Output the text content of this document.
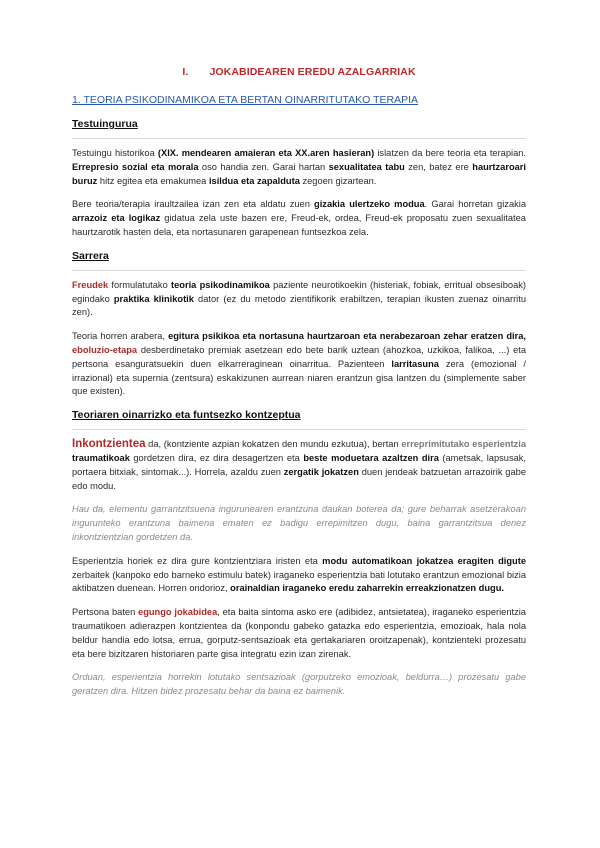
I. JOKABIDEAREN EREDU AZALGARRIAK
1. TEORIA PSIKODINAMIKOA ETA BERTAN OINARRITUTAKO TERAPIA
Testuingurua

Testuingu historikoa (XIX. mendearen amaieran eta XX.aren hasieran) islatzen da bere teoria eta terapian. Errepresio sozial eta morala oso handia zen. Garai hartan sexualitatea tabu zen, batez ere haurtzaroari buruz hitz egitea eta emakumea isildua eta zapalduta zegoen gizartean.

Bere teoria/terapia iraultzailea izan zen eta aldatu zuen gizakia ulertzeko modua. Garai horretan gizakia arrazoiz eta logikaz gidatua zela uste bazen ere, Freud-ek, ordea, Freud-ek proposatu zuen sexualitatea haurtzarotik hasten dela, eta nortasunaren garapenean funtsezkoa zela.

Sarrera

Freudek formulatutako teoria psikodinamikoa paziente neurotikoekin (histeriak, fobiak, erritual obsesiboak) egindako praktika klinikotik dator (ez du metodo zientifikorik erabiltzen, terapian ikusten zuenaz oinarritu zen).

Teoria horren arabera, egitura psikikoa eta nortasuna haurtzaroan eta nerabezaroan zehar eratzen dira, eboluzio-etapa desberdinetako premiak asetzean edo bete barik uztean (ahozkoa, uzkikoa, falikoa, ...) eta pertsona esanguratsuekin duen elkarreraginean oinarritua. Pazienteen larritasuna zera (emozional / irrazional) eta supernia (zentsura) eskakizunen aurrean niaren erantzun gisa lantzen du (simplemente saber que existen).

Teoriaren oinarrizko eta funtsezko kontzeptua

Inkontzientea da, (kontziente azpian kokatzen den mundu ezkutua), bertan erreprimitutako esperientzia traumatikoak gordetzen dira, ez dira desagertzen eta beste moduetara azaltzen dira (ametsak, lapsusak, portaera bitxiak, sintomak...). Horrela, azaldu zuen zergatik jokatzen duen jendeak batzuetan arrazoirik gabe edo modu.

Hau da, elementu garrantzitsuena ingurunearen erantzuna daukan boterea da; gure beharrak asetzerakoan ingurunteko erantzuna baimena ematen ez badigu errepimitzen dugu, baina garrantzitsua denez inkontzientzian gordetzen da.

Esperientzia horiek ez dira gure kontzientziara iristen eta modu automatikoan jokatzea eragiten digute zerbaitek (kanpoko edo barneko estimulu batek) iraganeko esperientzia bati lotutako erantzun emozional bizia aktibatzen duenean. Horren ondorioz, orainaldian iraganeko eredu zaharrekin erreakzionatzen dugu.

Pertsona baten egungo jokabidea, eta baita sintoma asko ere (adibidez, antsietatea), iraganeko esperientzia traumatikoen adierazpen kontzientea da (konpondu gabeko gatazka edo esperientzia, emozioak, hala nola beldur handia edo lotsa, errua, gorputz-sentsazioak eta gertakariaren oroitzapenak), kontzienteki prozesatu eta bere bizitzaren historiaren parte gisa integratu ezin izan zirenak.

Orduan, esperientzia horrekin lotutako sentsazioak (gorputzeko emozioak, beldurra…) prozesatu gabe geratzen dira. Hitzen bidez prozesatu behar da baina ez baimenik.
